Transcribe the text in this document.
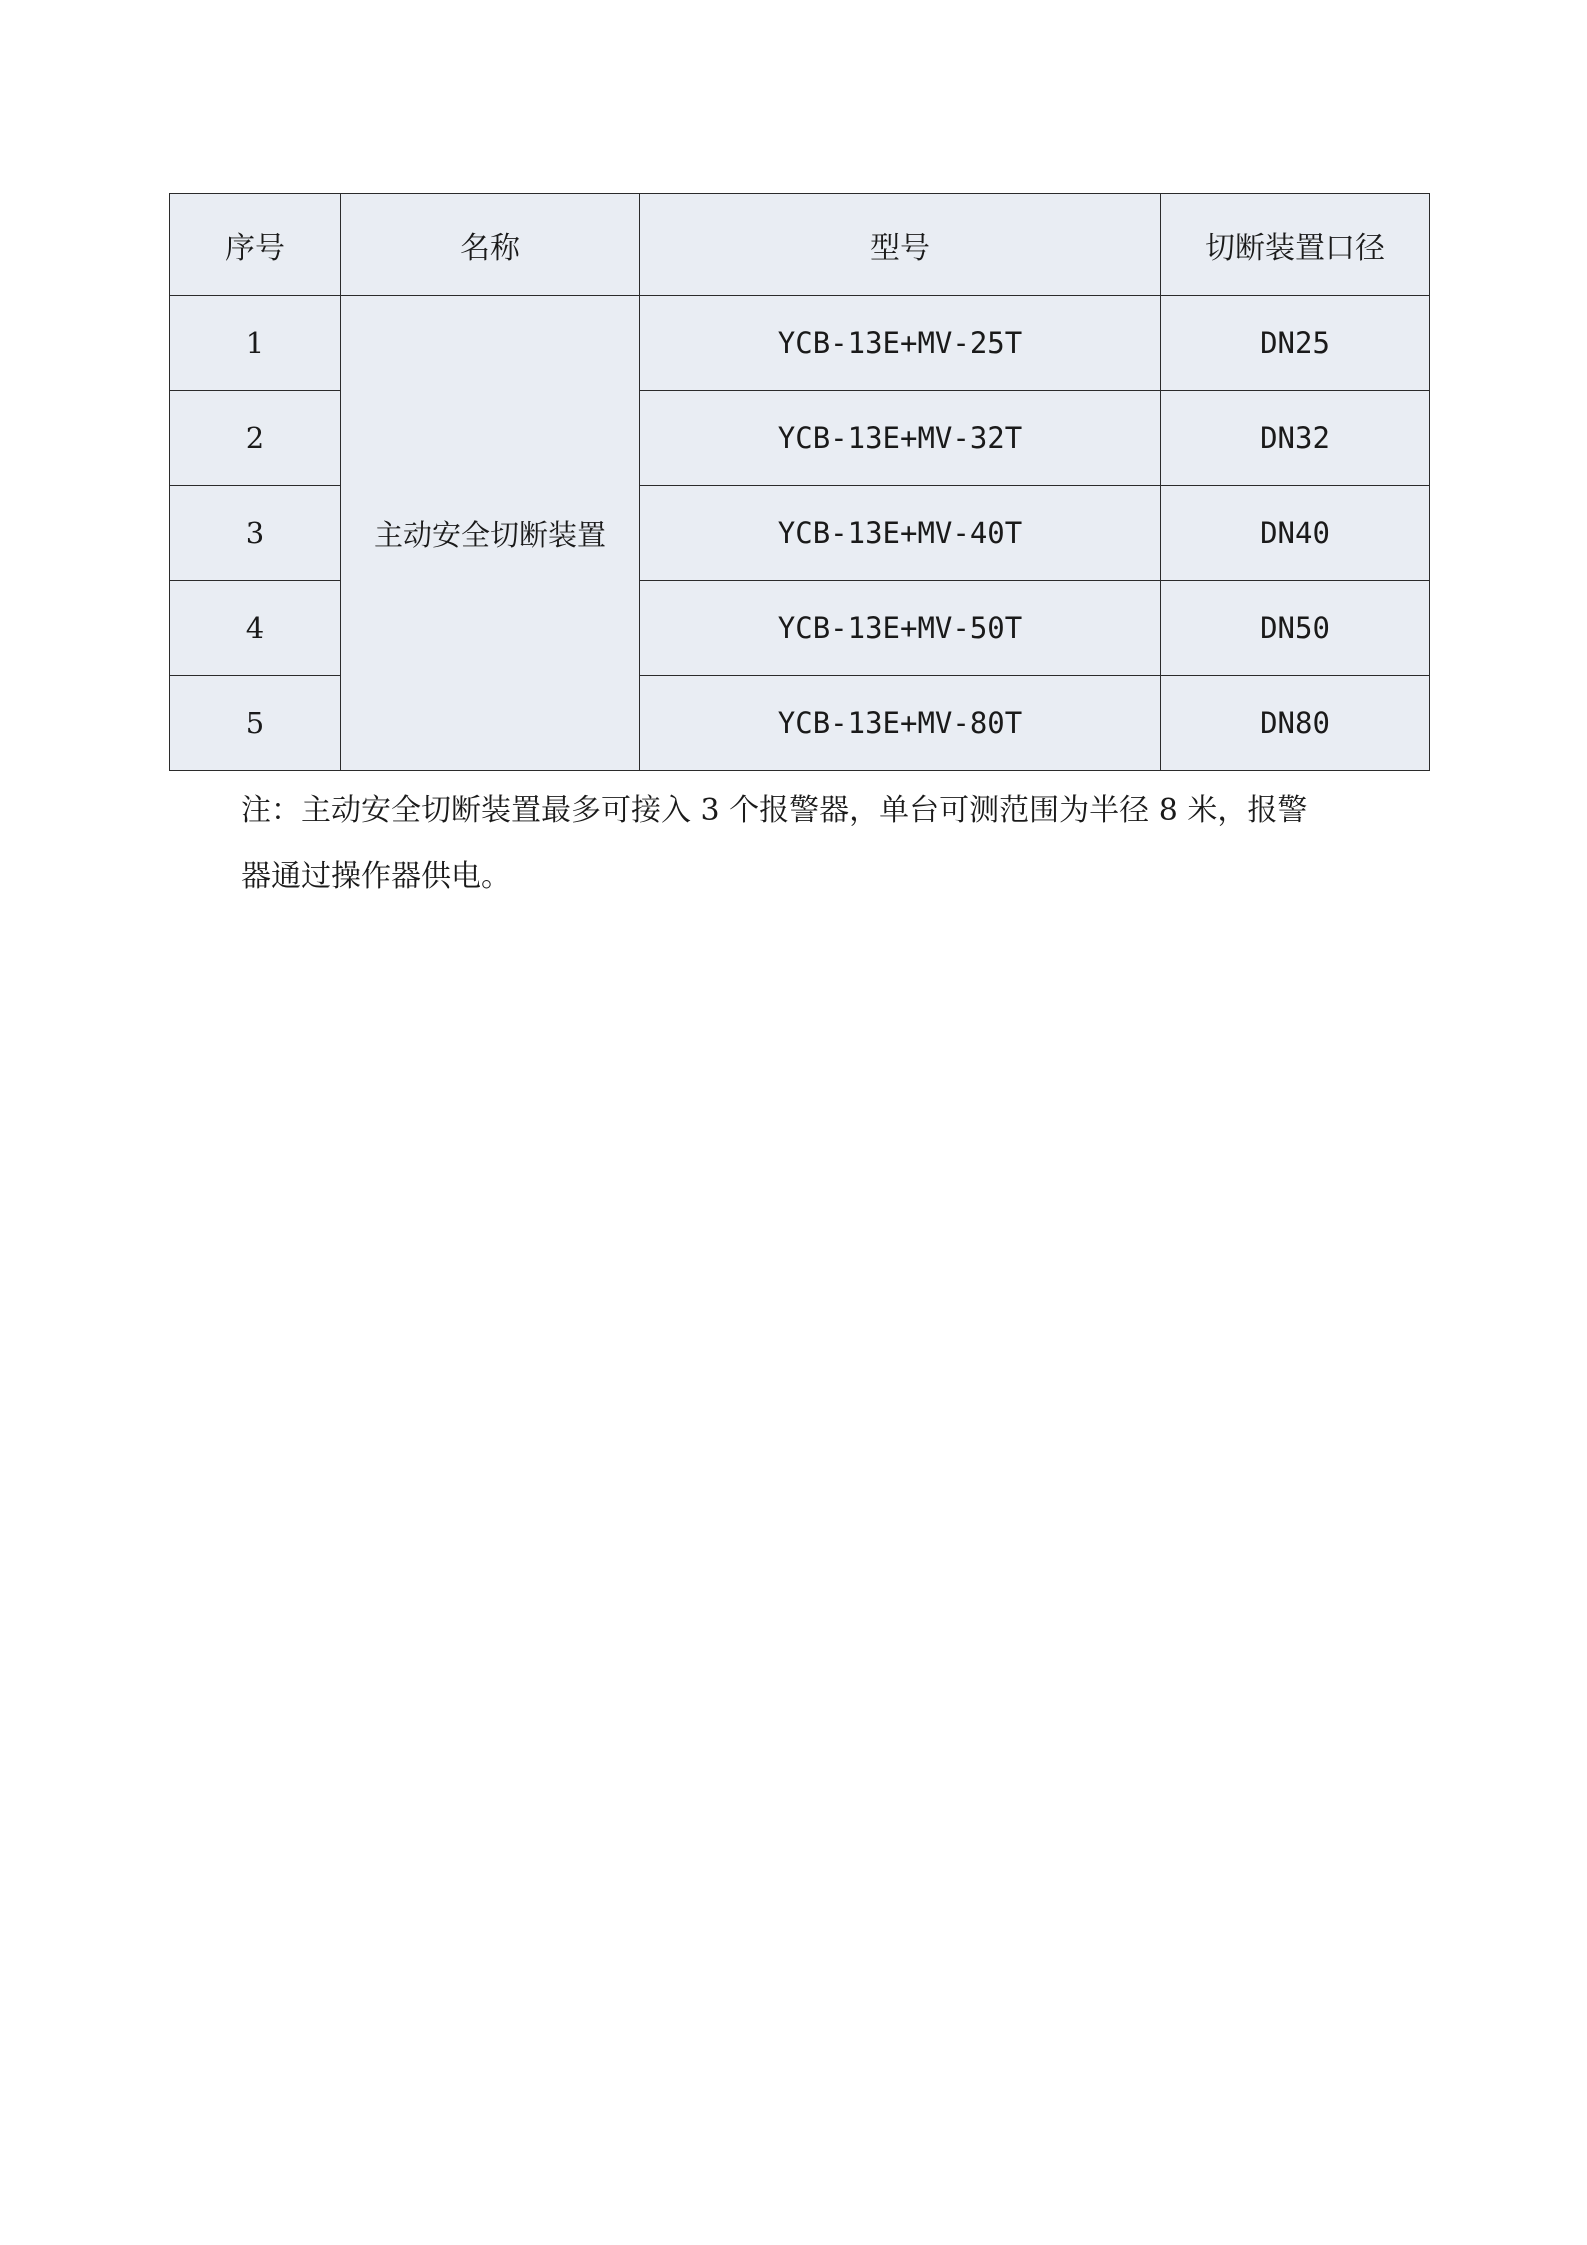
序号	名称	型号	切断装置口径
1	主动安全切断装置	YCB-13E+MV-25T	DN25
2		YCB-13E+MV-32T	DN32
3		YCB-13E+MV-40T	DN40
4		YCB-13E+MV-50T	DN50
5		YCB-13E+MV-80T	DN80

注：主动安全切断装置最多可接入 3 个报警器，单台可测范围为半径 8 米，报警
器通过操作器供电。
